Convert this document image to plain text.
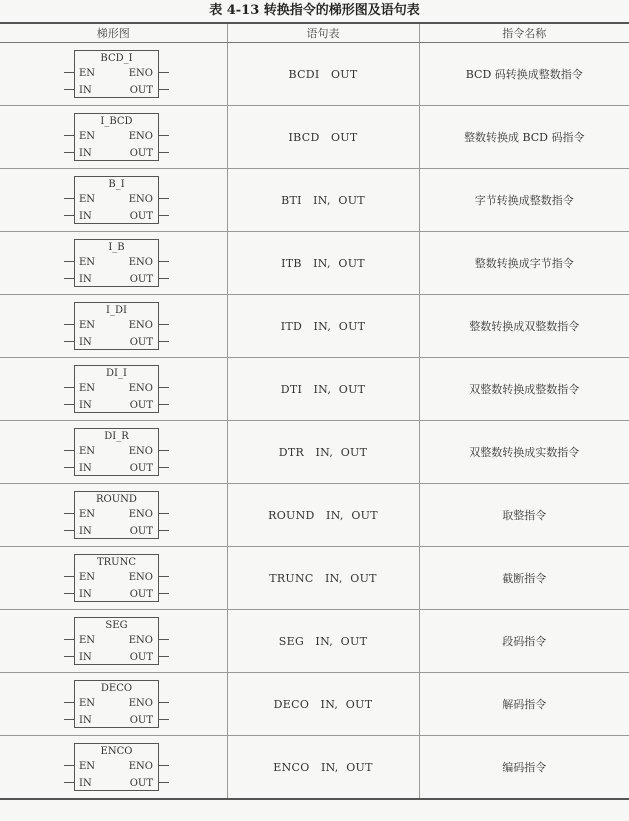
表 4-13 转换指令的梯形图及语句表
梯形图	语句表	指令名称

BCD_I
EN
IN
ENO
OUT	BCDI   OUT	BCD 码转换成整数指令

I_BCD
EN
IN
ENO
OUT	IBCD   OUT	整数转换成 BCD 码指令

B_I
EN
IN
ENO
OUT	BTI   IN,  OUT	字节转换成整数指令

I_B
EN
IN
ENO
OUT	ITB   IN,  OUT	整数转换成字节指令

I_DI
EN
IN
ENO
OUT	ITD   IN,  OUT	整数转换成双整数指令

DI_I
EN
IN
ENO
OUT	DTI   IN,  OUT	双整数转换成整数指令

DI_R
EN
IN
ENO
OUT	DTR   IN,  OUT	双整数转换成实数指令

ROUND
EN
IN
ENO
OUT	ROUND   IN,  OUT	取整指令

TRUNC
EN
IN
ENO
OUT	TRUNC   IN,  OUT	截断指令

SEG
EN
IN
ENO
OUT	SEG   IN,  OUT	段码指令

DECO
EN
IN
ENO
OUT	DECO   IN,  OUT	解码指令

ENCO
EN
IN
ENO
OUT	ENCO   IN,  OUT	编码指令
